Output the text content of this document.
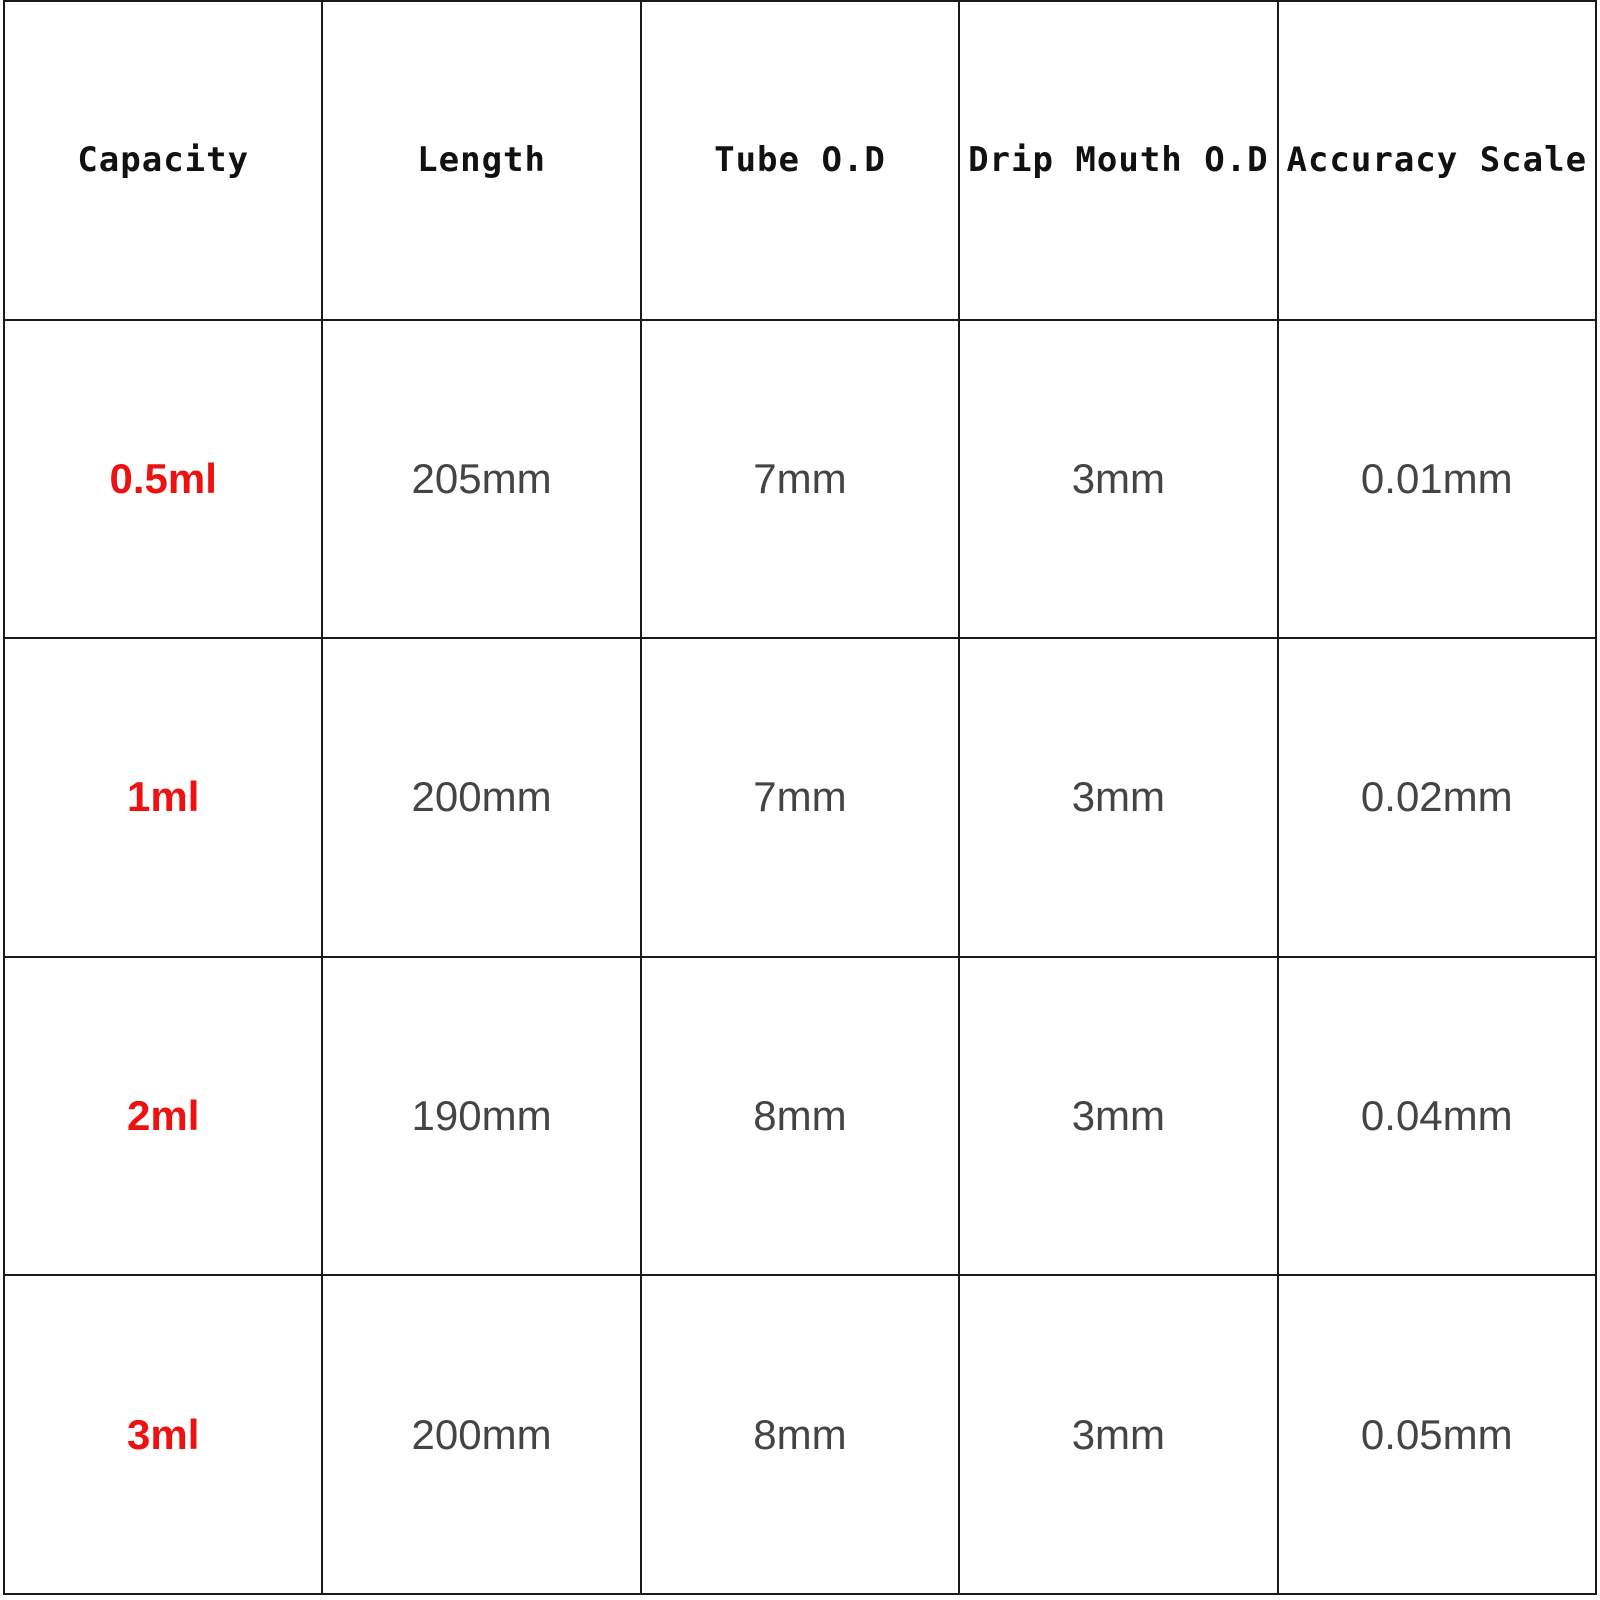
Capacity	Length	Tube O.D	Drip Mouth O.D	Accuracy Scale
0.5ml	205mm	7mm	3mm	0.01mm
1ml	200mm	7mm	3mm	0.02mm
2ml	190mm	8mm	3mm	0.04mm
3ml	200mm	8mm	3mm	0.05mm
